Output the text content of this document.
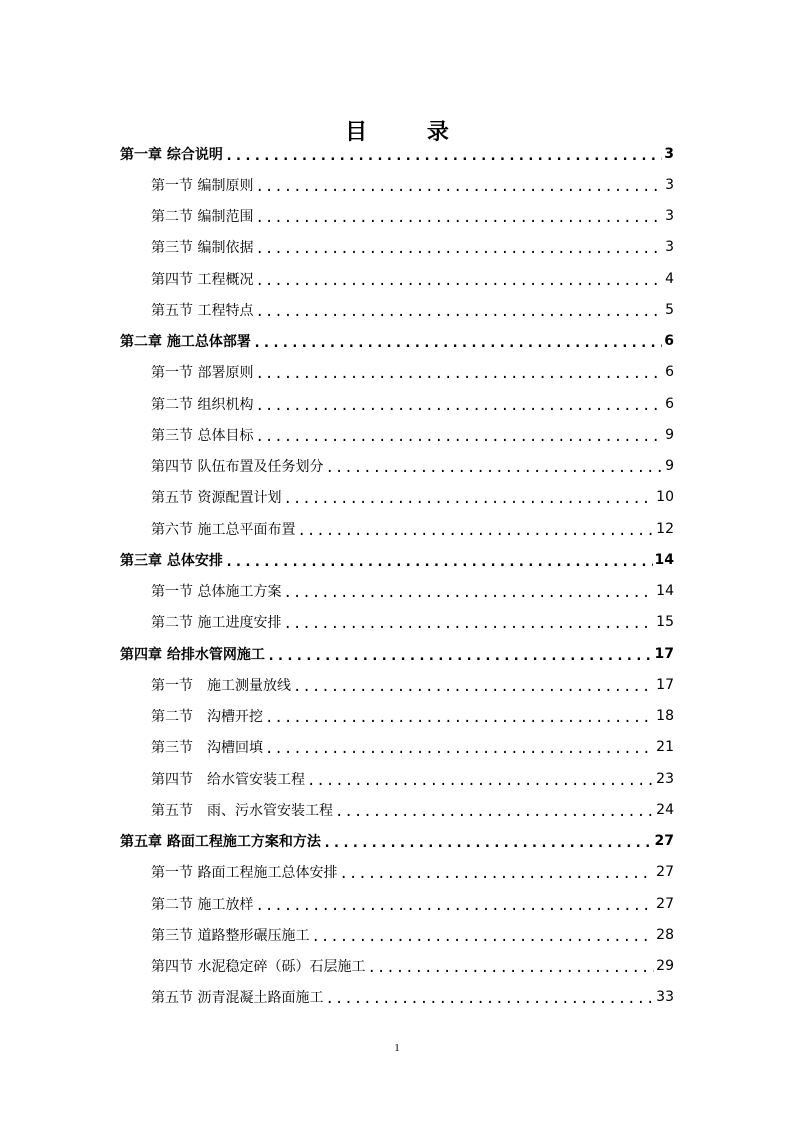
目 录
第一章 综合说明 .....	3
第一节 编制原则 .....	3
第二节 编制范围 .....	3
第三节 编制依据 .....	3
第四节 工程概况 .....	4
第五节 工程特点 .....	5
第二章 施工总体部署 .....	6
第一节 部署原则 .....	6
第二节 组织机构 .....	6
第三节 总体目标 .....	9
第四节 队伍布置及任务划分 .....	9
第五节 资源配置计划 .....	10
第六节 施工总平面布置 .....	12
第三章 总体安排 .....	14
第一节 总体施工方案 .....	14
第二节 施工进度安排 .....	15
第四章 给排水管网施工 .....	17
第一节　施工测量放线 .....	17
第二节　沟槽开挖 .....	18
第三节　沟槽回填 .....	21
第四节　给水管安装工程 .....	23
第五节　雨、污水管安装工程 .....	24
第五章 路面工程施工方案和方法 .....	27
第一节 路面工程施工总体安排 .....	27
第二节 施工放样 .....	27
第三节 道路整形碾压施工 .....	28
第四节 水泥稳定碎（砾）石层施工 .....	29
第五节 沥青混凝土路面施工 .....	33
1
